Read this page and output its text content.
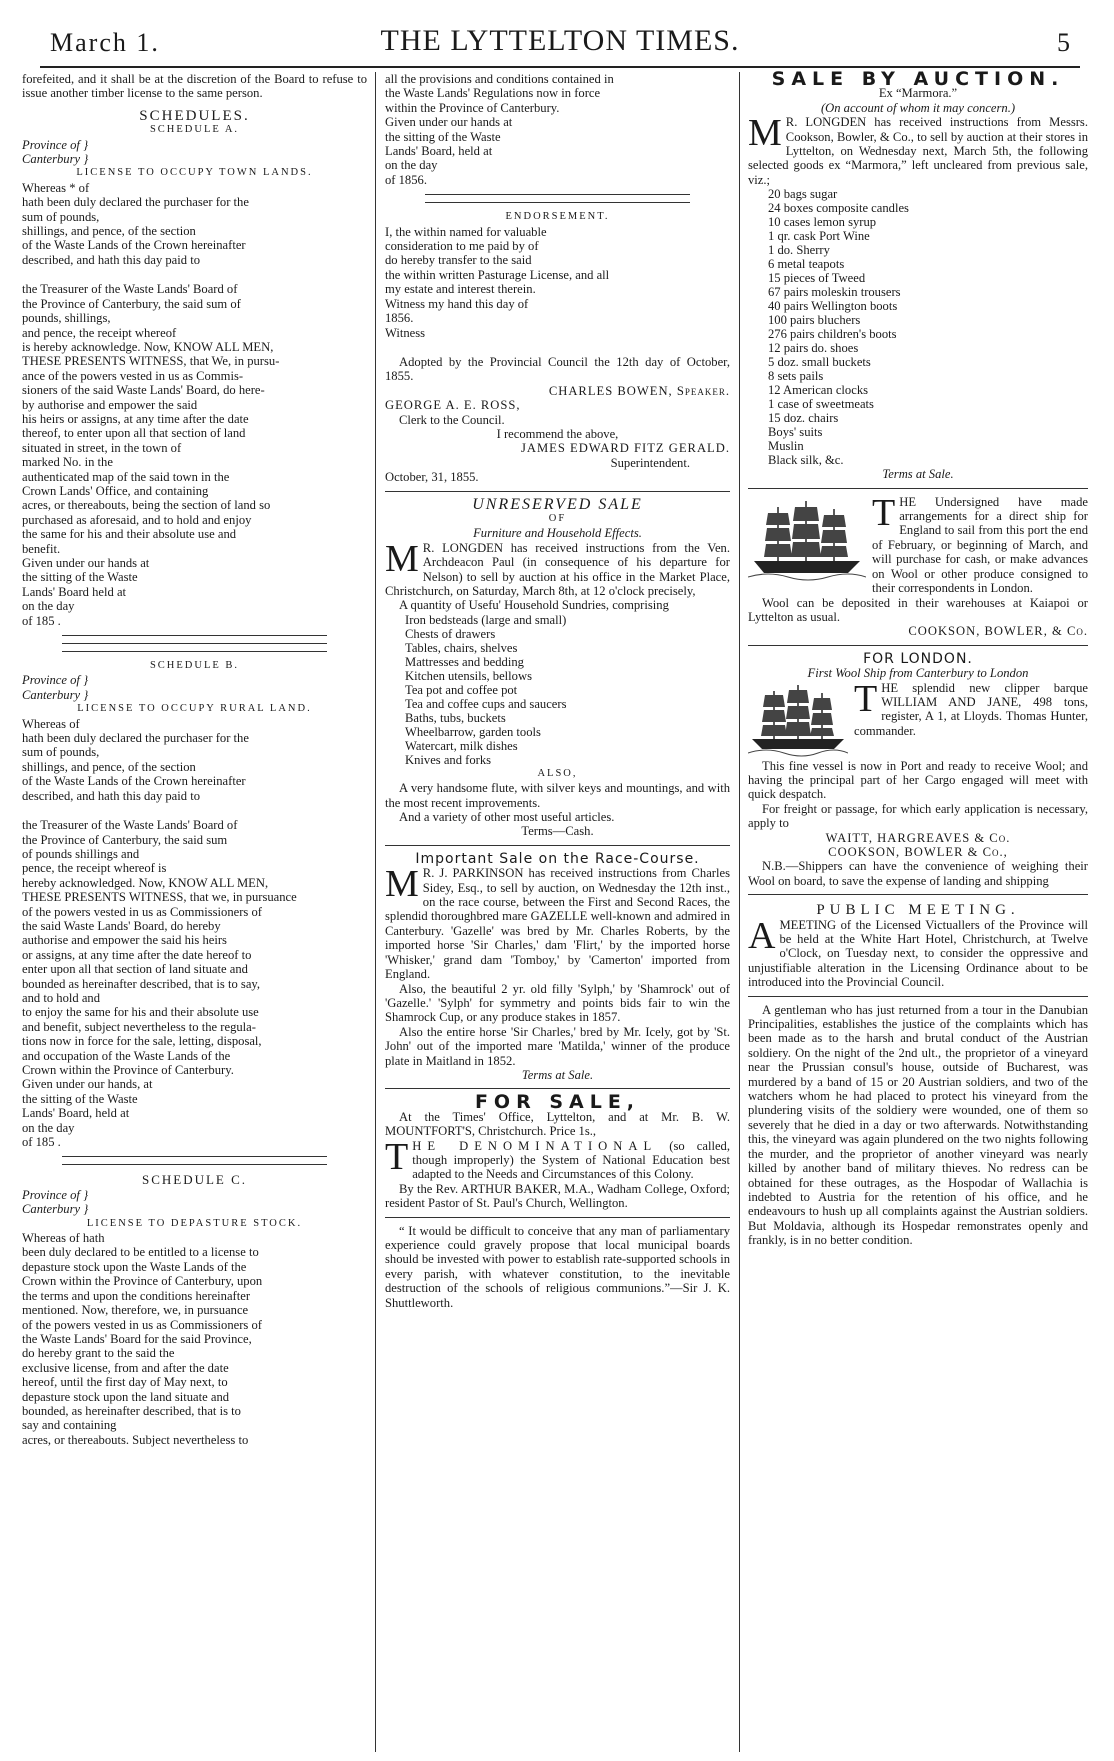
March 1.	THE LYTTELTON TIMES.	5

forefeited, and it shall be at the discretion of the Board to refuse to issue another timber license to the same person.

SCHEDULES.
SCHEDULE A.

Province of }

Canterbury }

LICENSE TO OCCUPY TOWN LANDS.

Whereas * of

hath been duly declared the purchaser for the

sum of pounds,

shillings, and pence, of the section

of the Waste Lands of the Crown hereinafter

described, and hath this day paid to

the Treasurer of the Waste Lands' Board of

the Province of Canterbury, the said sum of

pounds, shillings,

and pence, the receipt whereof

is hereby acknowledge. Now, KNOW ALL MEN,

THESE PRESENTS WITNESS, that We, in pursu-

ance of the powers vested in us as Commis-

sioners of the said Waste Lands' Board, do here-

by authorise and empower the said

his heirs or assigns, at any time after the date

thereof, to enter upon all that section of land

situated in street, in the town of

marked No. in the

authenticated map of the said town in the

Crown Lands' Office, and containing

acres, or thereabouts, being the section of land so

purchased as aforesaid, and to hold and enjoy

the same for his and their absolute use and

benefit.

Given under our hands at

the sitting of the Waste

Lands' Board held at

on the day

of 185 .

SCHEDULE B.

Province of }

Canterbury }

LICENSE TO OCCUPY RURAL LAND.

Whereas of

hath been duly declared the purchaser for the

sum of pounds,

shillings, and pence, of the section

of the Waste Lands of the Crown hereinafter

described, and hath this day paid to

the Treasurer of the Waste Lands' Board of

the Province of Canterbury, the said sum

of pounds shillings and

pence, the receipt whereof is

hereby acknowledged. Now, KNOW ALL MEN,

THESE PRESENTS WITNESS, that we, in pursuance

of the powers vested in us as Commissioners of

the said Waste Lands' Board, do hereby

authorise and empower the said his heirs

or assigns, at any time after the date hereof to

enter upon all that section of land situate and

bounded as hereinafter described, that is to say,

and to hold and

to enjoy the same for his and their absolute use

and benefit, subject nevertheless to the regula-

tions now in force for the sale, letting, disposal,

and occupation of the Waste Lands of the

Crown within the Province of Canterbury.

Given under our hands, at

the sitting of the Waste

Lands' Board, held at

on the day

of 185 .

SCHEDULE C.

Province of }

Canterbury }

LICENSE TO DEPASTURE STOCK.

Whereas of hath

been duly declared to be entitled to a license to

depasture stock upon the Waste Lands of the

Crown within the Province of Canterbury, upon

the terms and upon the conditions hereinafter

mentioned. Now, therefore, we, in pursuance

of the powers vested in us as Commissioners of

the Waste Lands' Board for the said Province,

do hereby grant to the said the

exclusive license, from and after the date

hereof, until the first day of May next, to

depasture stock upon the land situate and

bounded, as hereinafter described, that is to

say and containing

acres, or thereabouts. Subject nevertheless to

all the provisions and conditions contained in

the Waste Lands' Regulations now in force

within the Province of Canterbury.

Given under our hands at

the sitting of the Waste

Lands' Board, held at

on the day

of 1856.

ENDORSEMENT.

I, the within named for valuable

consideration to me paid by of

do hereby transfer to the said

the within written Pasturage License, and all

my estate and interest therein.

Witness my hand this day of

1856.

Witness

Adopted by the Provincial Council the 12th day of October, 1855.

CHARLES BOWEN, Speaker.

GEORGE A. E. ROSS,

Clerk to the Council.

I recommend the above,

JAMES EDWARD FITZ GERALD.

Superintendent.

October, 31, 1855.

UNRESERVED SALE
OF

Furniture and Household Effects.

M R. LONGDEN has received instructions from the Ven. Archdeacon Paul (in consequence of his departure for Nelson) to sell by auction at his office in the Market Place, Christchurch, on Saturday, March 8th, at 12 o'clock precisely,

A quantity of Usefu' Household Sundries, comprising

Iron bedsteads (large and small)

Chests of drawers

Tables, chairs, shelves

Mattresses and bedding

Kitchen utensils, bellows

Tea pot and coffee pot

Tea and coffee cups and saucers

Baths, tubs, buckets

Wheelbarrow, garden tools

Watercart, milk dishes

Knives and forks

ALSO,

A very handsome flute, with silver keys and mountings, and with the most recent improvements.

And a variety of other most useful articles.

Terms—Cash.

Important Sale on the Race-Course.

M R. J. PARKINSON has received instructions from Charles Sidey, Esq., to sell by auction, on Wednesday the 12th inst., on the race course, between the First and Second Races, the splendid thoroughbred mare GAZELLE well-known and admired in Canterbury. 'Gazelle' was bred by Mr. Charles Roberts, by the imported horse 'Sir Charles,' dam 'Flirt,' by the imported horse 'Whisker,' grand dam 'Tomboy,' by 'Camerton' imported from England.

Also, the beautiful 2 yr. old filly 'Sylph,' by 'Shamrock' out of 'Gazelle.' 'Sylph' for symmetry and points bids fair to win the Shamrock Cup, or any produce stakes in 1857.

Also the entire horse 'Sir Charles,' bred by Mr. Icely, got by 'St. John' out of the imported mare 'Matilda,' winner of the produce plate in Maitland in 1852.

Terms at Sale.

FOR SALE,

At the Times' Office, Lyttelton, and at Mr. B. W. MOUNTFORT'S, Christchurch. Price 1s.,

THE DENOMINATIONAL (so called, though improperly) the System of National Education best adapted to the Needs and Circumstances of this Colony.

By the Rev. ARTHUR BAKER, M.A., Wadham College, Oxford; resident Pastor of St. Paul's Church, Wellington.

“ It would be difficult to conceive that any man of parliamentary experience could gravely propose that local municipal boards should be invested with power to establish rate-supported schools in every parish, with whatever constitution, to the inevitable destruction of the schools of religious communions.”—Sir J. K. Shuttleworth.

SALE BY AUCTION.

Ex “Marmora.”

(On account of whom it may concern.)

M R. LONGDEN has received instructions from Messrs. Cookson, Bowler, & Co., to sell by auction at their stores in Lyttelton, on Wednesday next, March 5th, the following selected goods ex “Marmora,” left uncleared from previous sale, viz.;

20 bags sugar

24 boxes composite candles

10 cases lemon syrup

1 qr. cask Port Wine

1 do. Sherry

6 metal teapots

15 pieces of Tweed

67 pairs moleskin trousers

40 pairs Wellington boots

100 pairs bluchers

276 pairs children's boots

12 pairs do. shoes

5 doz. small buckets

8 sets pails

12 American clocks

1 case of sweetmeats

15 doz. chairs

Boys' suits

Muslin

Black silk, &c.

Terms at Sale.

THE Undersigned have made arrangements for a direct ship for England to sail from this port the end of February, or beginning of March, and will purchase for cash, or make advances on Wool or other produce consigned to their correspondents in London.

Wool can be deposited in their warehouses at Kaiapoi or Lyttelton as usual.

COOKSON, BOWLER, & Co.

FOR LONDON.

First Wool Ship from Canterbury to London

THE splendid new clipper barque WILLIAM AND JANE, 498 tons, register, A 1, at Lloyds. Thomas Hunter, commander.

This fine vessel is now in Port and ready to receive Wool; and having the principal part of her Cargo engaged will meet with quick despatch.

For freight or passage, for which early application is necessary, apply to

WAITT, HARGREAVES & Co.

COOKSON, BOWLER & Co.,

N.B.—Shippers can have the convenience of weighing their Wool on board, to save the expense of landing and shipping

PUBLIC MEETING.

AMEETING of the Licensed Victuallers of the Province will be held at the White Hart Hotel, Christchurch, at Twelve o'Clock, on Tuesday next, to consider the oppressive and unjustifiable alteration in the Licensing Ordinance about to be introduced into the Provincial Council.

A gentleman who has just returned from a tour in the Danubian Principalities, establishes the justice of the complaints which has been made as to the harsh and brutal conduct of the Austrian soldiery. On the night of the 2nd ult., the proprietor of a vineyard near the Prussian consul's house, outside of Bucharest, was murdered by a band of 15 or 20 Austrian soldiers, and two of the watchers whom he had placed to protect his vineyard from the plundering visits of the soldiery were wounded, one of them so severely that he died in a day or two afterwards. Notwithstanding this, the vineyard was again plundered on the two nights following the murder, and the proprietor of another vineyard was nearly killed by another band of military thieves. No redress can be obtained for these outrages, as the Hospodar of Wallachia is indebted to Austria for the retention of his office, and he endeavours to hush up all complaints against the Austrian soldiers. But Moldavia, although its Hospedar remonstrates openly and frankly, is in no better condition.
